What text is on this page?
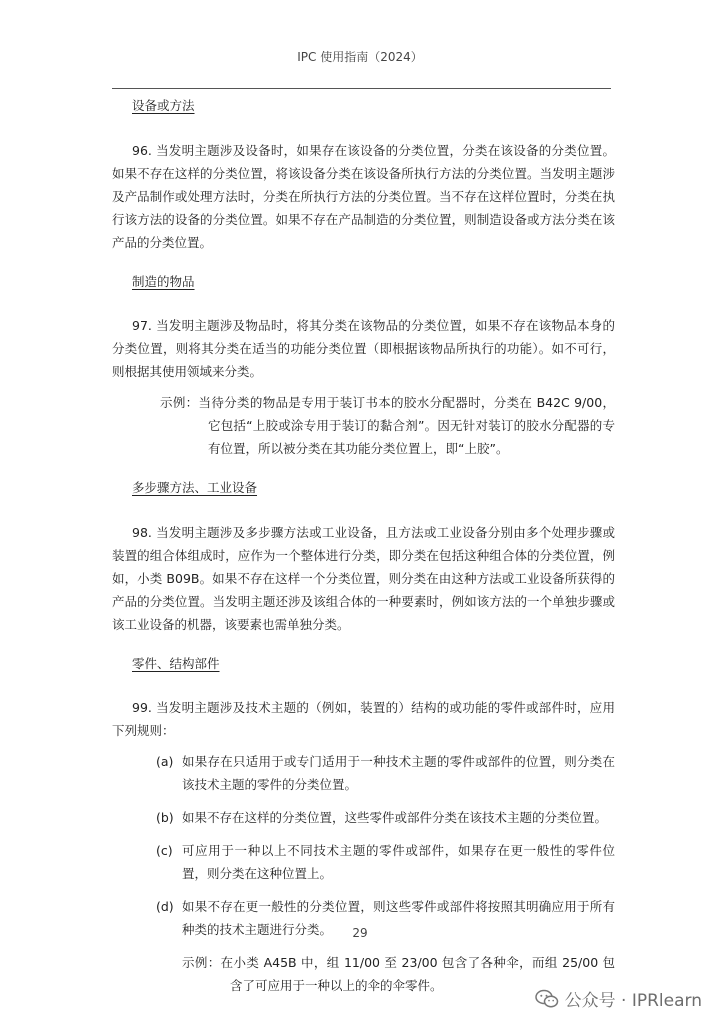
IPC 使用指南（2024）
设备或方法

96. 当发明主题涉及设备时，如果存在该设备的分类位置，分类在该设备的分类位置。如果不存在这样的分类位置，将该设备分类在该设备所执行方法的分类位置。当发明主题涉及产品制作或处理方法时，分类在所执行方法的分类位置。当不存在这样位置时，分类在执行该方法的设备的分类位置。如果不存在产品制造的分类位置，则制造设备或方法分类在该产品的分类位置。

制造的物品

97. 当发明主题涉及物品时，将其分类在该物品的分类位置，如果不存在该物品本身的分类位置，则将其分类在适当的功能分类位置（即根据该物品所执行的功能）。如不可行，则根据其使用领域来分类。

示例：当待分类的物品是专用于装订书本的胶水分配器时，分类在 B42C 9/00，它包括“上胶或涂专用于装订的黏合剂”。因无针对装订的胶水分配器的专有位置，所以被分类在其功能分类位置上，即“上胶”。

多步骤方法、工业设备

98. 当发明主题涉及多步骤方法或工业设备，且方法或工业设备分别由多个处理步骤或装置的组合体组成时，应作为一个整体进行分类，即分类在包括这种组合体的分类位置，例如，小类 B09B。如果不存在这样一个分类位置，则分类在由这种方法或工业设备所获得的产品的分类位置。当发明主题还涉及该组合体的一种要素时，例如该方法的一个单独步骤或该工业设备的机器，该要素也需单独分类。

零件、结构部件

99. 当发明主题涉及技术主题的（例如，装置的）结构的或功能的零件或部件时，应用下列规则：

(a) 如果存在只适用于或专门适用于一种技术主题的零件或部件的位置，则分类在该技术主题的零件的分类位置。
(b) 如果不存在这样的分类位置，这些零件或部件分类在该技术主题的分类位置。
(c) 可应用于一种以上不同技术主题的零件或部件，如果存在更一般性的零件位置，则分类在这种位置上。
(d) 如果不存在更一般性的分类位置，则这些零件或部件将按照其明确应用于所有种类的技术主题进行分类。

示例：在小类 A45B 中，组 11/00 至 23/00 包含了各种伞，而组 25/00 包含了可应用于一种以上的伞的伞零件。

29
公众号 · IPRlearn
